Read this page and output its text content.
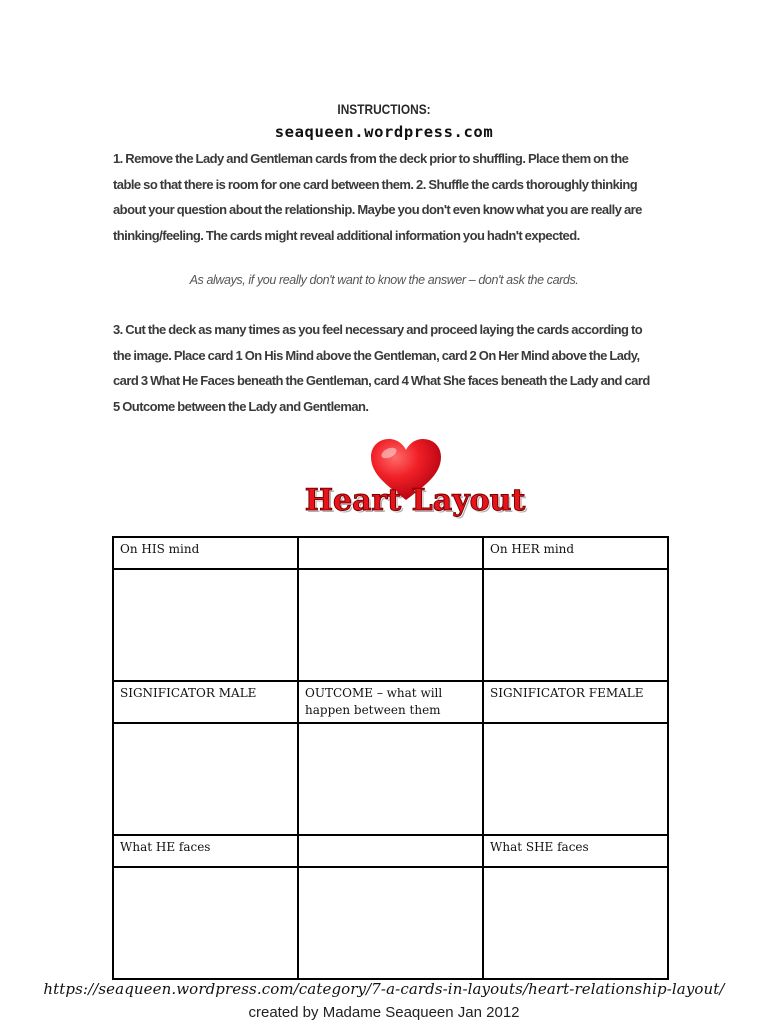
INSTRUCTIONS:
seaqueen.wordpress.com
1. Remove the Lady and Gentleman cards from the deck prior to shuffling. Place them on the table so that there is room for one card between them. 2. Shuffle the cards thoroughly thinking about your question about the relationship. Maybe you don't even know what you are really are thinking/feeling. The cards might reveal additional information you hadn't expected.
As always, if you really don't want to know the answer – don't ask the cards.
3. Cut the deck as many times as you feel necessary and proceed laying the cards according to the image. Place card 1 On His Mind above the Gentleman, card 2 On Her Mind above the Lady, card 3 What He Faces beneath the Gentleman, card 4 What She faces beneath the Lady and card 5 Outcome between the Lady and Gentleman.
Heart Layout
On HIS mind		On HER mind

SIGNIFICATOR MALE	OUTCOME – what will happen between them	SIGNIFICATOR FEMALE

What HE faces		What SHE faces

https://seaqueen.wordpress.com/category/7-a-cards-in-layouts/heart-relationship-layout/
created by Madame Seaqueen Jan 2012
